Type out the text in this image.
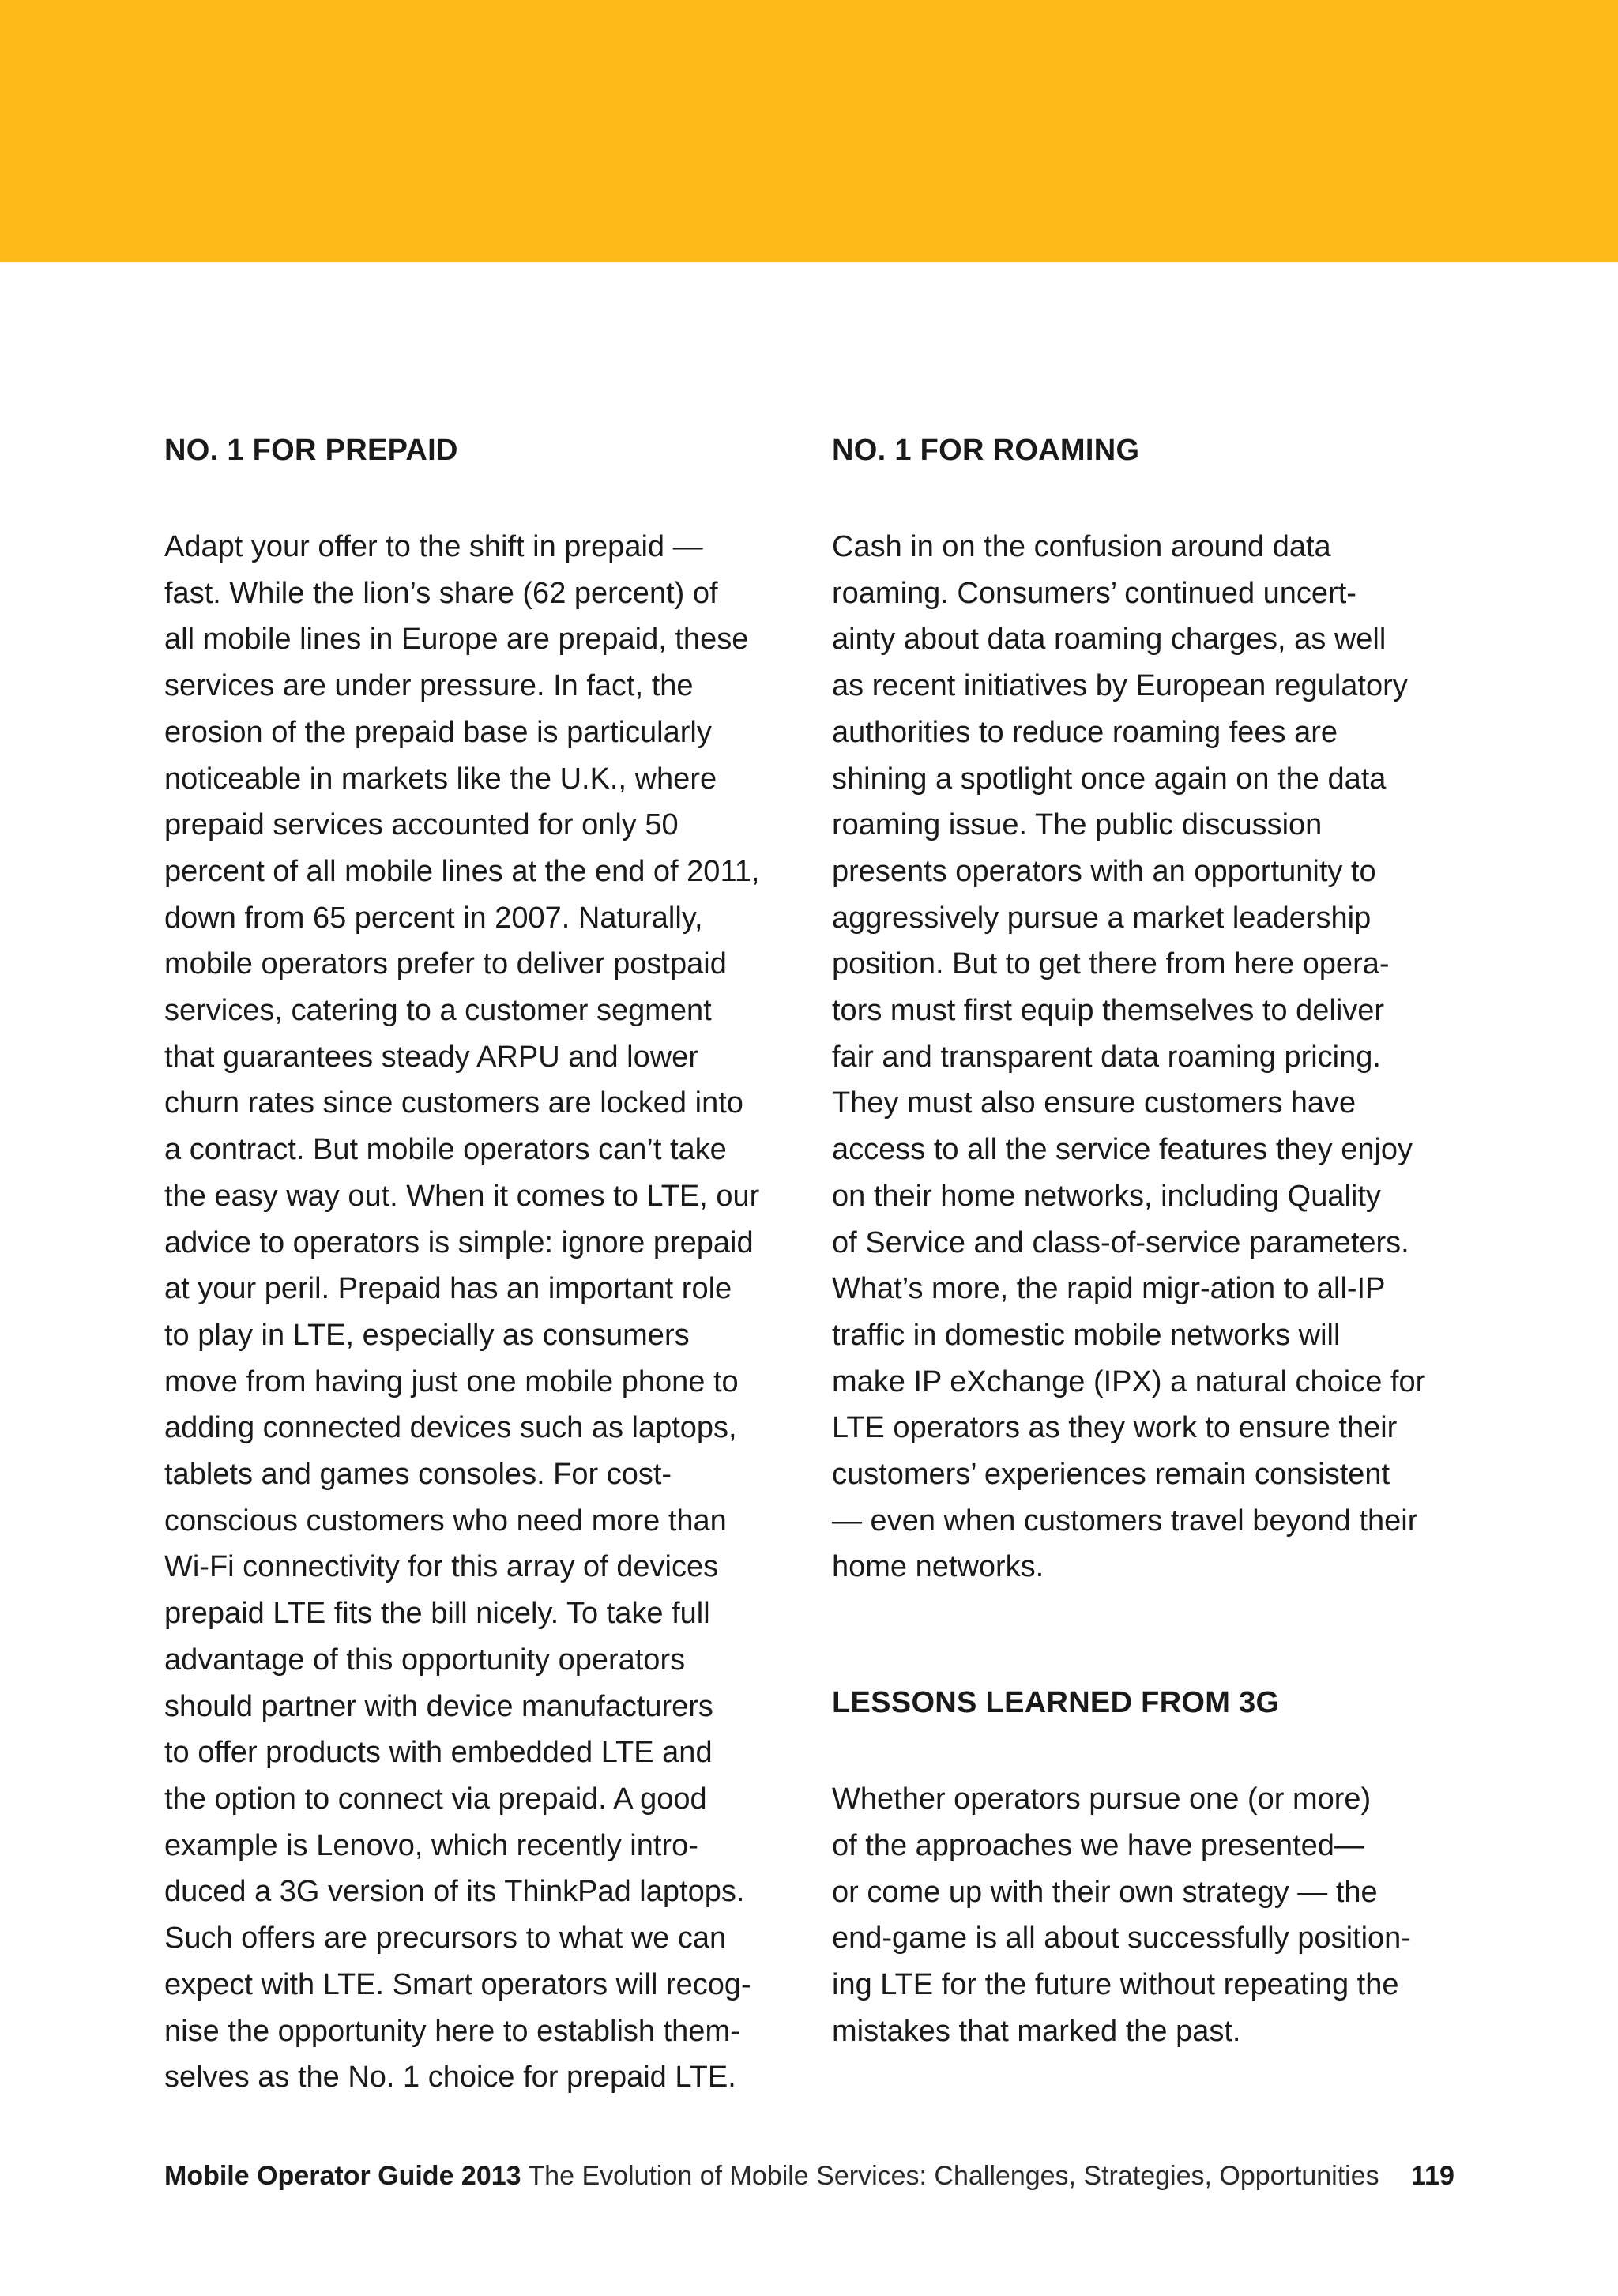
NO. 1 FOR PREPAID

Adapt your offer to the shift in prepaid —
fast. While the lion’s share (62 percent) of
all mobile lines in Europe are prepaid, these
services are under pressure. In fact, the
erosion of the prepaid base is particularly
noticeable in markets like the U.K., where
prepaid services accounted for only 50
percent of all mobile lines at the end of 2011,
down from 65 percent in 2007. Naturally,
mobile operators prefer to deliver postpaid
services, catering to a customer segment
that guarantees steady ARPU and lower
churn rates since customers are locked into
a contract. But mobile operators can’t take
the easy way out. When it comes to LTE, our
advice to operators is simple: ignore prepaid
at your peril. Prepaid has an important role
to play in LTE, especially as consumers
move from having just one mobile phone to
adding connected devices such as laptops,
tablets and games consoles. For cost-
conscious customers who need more than
Wi-Fi connectivity for this array of devices
prepaid LTE fits the bill nicely. To take full
advantage of this opportunity operators
should partner with device manufacturers
to offer products with embedded LTE and
the option to connect via prepaid. A good
example is Lenovo, which recently intro-
duced a 3G version of its ThinkPad laptops.
Such offers are precursors to what we can
expect with LTE. Smart operators will recog-
nise the opportunity here to establish them-
selves as the No. 1 choice for prepaid LTE.

NO. 1 FOR ROAMING

Cash in on the confusion around data
roaming. Consumers’ continued uncert-
ainty about data roaming charges, as well
as recent initiatives by European regulatory
authorities to reduce roaming fees are
shining a spotlight once again on the data
roaming issue. The public discussion
presents operators with an opportunity to
aggressively pursue a market leadership
position. But to get there from here opera-
tors must first equip themselves to deliver
fair and transparent data roaming pricing.
They must also ensure customers have
access to all the service features they enjoy
on their home networks, including Quality
of Service and class-of-service parameters.
What’s more, the rapid migr-ation to all-IP
traffic in domestic mobile networks will
make IP eXchange (IPX) a natural choice for
LTE operators as they work to ensure their
customers’ experiences remain consistent
— even when customers travel beyond their
home networks.

LESSONS LEARNED FROM 3G

Whether operators pursue one (or more)
of the approaches we have presented—
or come up with their own strategy — the
end-game is all about successfully position-
ing LTE for the future without repeating the
mistakes that marked the past.

Mobile Operator Guide 2013 The Evolution of Mobile Services: Challenges, Strategies, Opportunities 119
